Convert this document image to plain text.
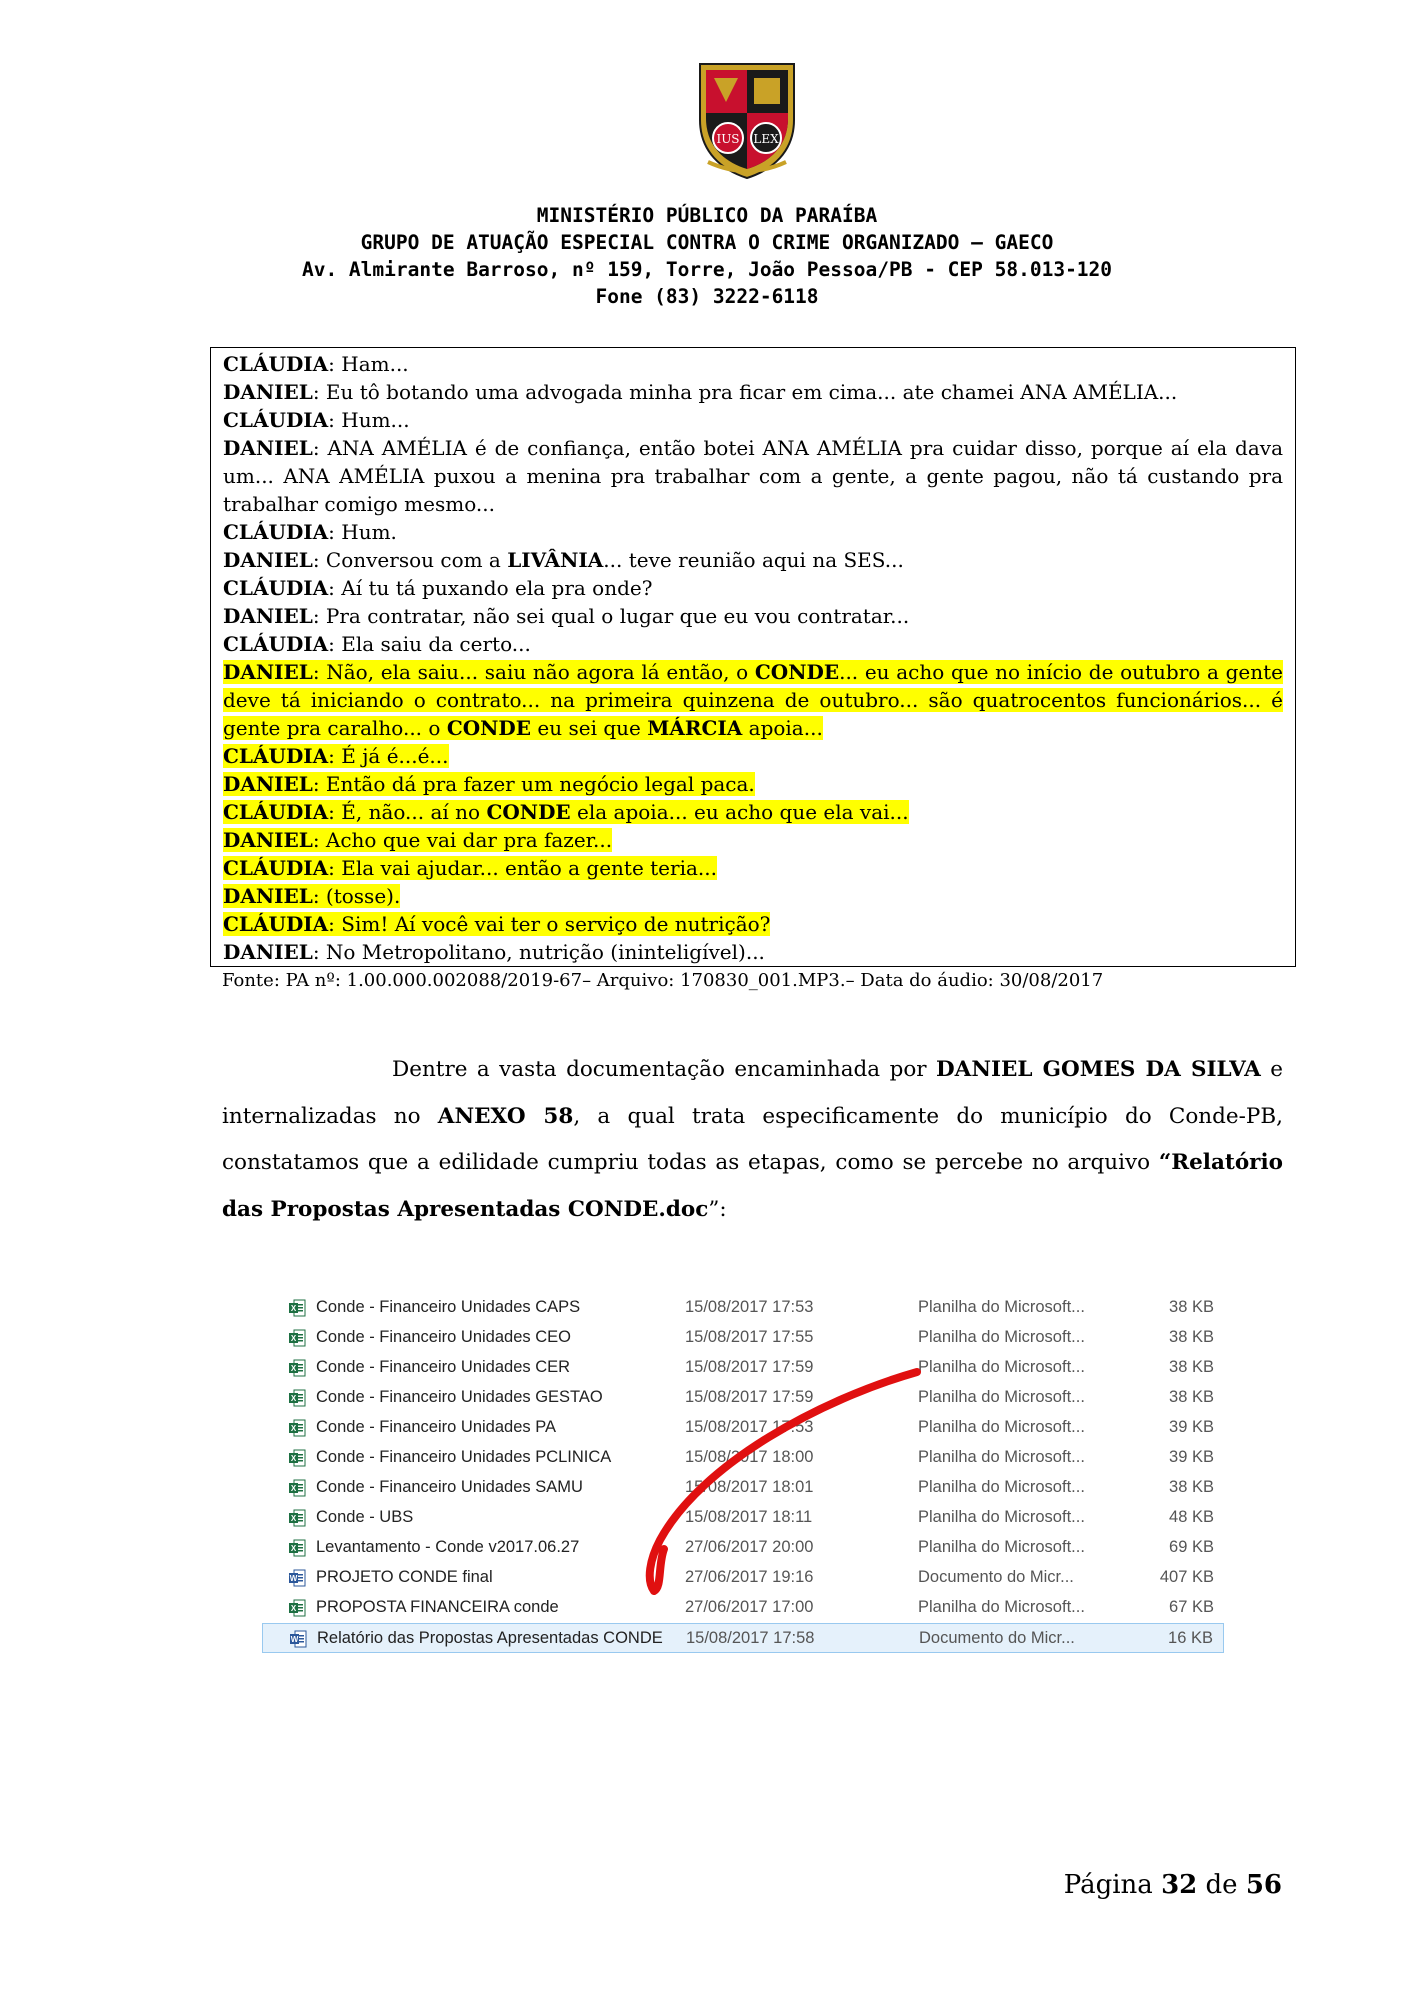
IUS LEX
MINISTÉRIO PÚBLICO DA PARAÍBA
GRUPO DE ATUAÇÃO ESPECIAL CONTRA O CRIME ORGANIZADO – GAECO
Av. Almirante Barroso, nº 159, Torre, João Pessoa/PB - CEP 58.013-120
Fone (83) 3222-6118

CLÁUDIA: Ham...

DANIEL: Eu tô botando uma advogada minha pra ficar em cima... ate chamei ANA AMÉLIA...

CLÁUDIA: Hum...

DANIEL: ANA AMÉLIA é de confiança, então botei ANA AMÉLIA pra cuidar disso, porque aí ela dava um... ANA AMÉLIA puxou a menina pra trabalhar com a gente, a gente pagou, não tá custando pra trabalhar comigo mesmo...

CLÁUDIA: Hum.

DANIEL: Conversou com a LIVÂNIA... teve reunião aqui na SES...

CLÁUDIA: Aí tu tá puxando ela pra onde?

DANIEL: Pra contratar, não sei qual o lugar que eu vou contratar...

CLÁUDIA: Ela saiu da certo...

DANIEL: Não, ela saiu... saiu não agora lá então, o CONDE... eu acho que no início de outubro a gente deve tá iniciando o contrato... na primeira quinzena de outubro... são quatrocentos funcionários... é gente pra caralho... o CONDE eu sei que MÁRCIA apoia...

CLÁUDIA: É já é...é...

DANIEL: Então dá pra fazer um negócio legal paca.

CLÁUDIA: É, não... aí no CONDE ela apoia... eu acho que ela vai...

DANIEL: Acho que vai dar pra fazer...

CLÁUDIA: Ela vai ajudar... então a gente teria...

DANIEL: (tosse).

CLÁUDIA: Sim! Aí você vai ter o serviço de nutrição?

DANIEL: No Metropolitano, nutrição (ininteligível)...

Fonte: PA nº: 1.00.000.002088/2019-67– Arquivo: 170830_001.MP3.– Data do áudio: 30/08/2017

Dentre a vasta documentação encaminhada por DANIEL GOMES DA SILVA e internalizadas no ANEXO 58, a qual trata especificamente do município do Conde-PB, constatamos que a edilidade cumpriu todas as etapas, como se percebe no arquivo “Relatório das Propostas Apresentadas CONDE.doc”:

X Conde - Financeiro Unidades CAPS	15/08/2017 17:53	Planilha do Microsoft...	38 KB
X Conde - Financeiro Unidades CEO	15/08/2017 17:55	Planilha do Microsoft...	38 KB
X Conde - Financeiro Unidades CER	15/08/2017 17:59	Planilha do Microsoft...	38 KB
X Conde - Financeiro Unidades GESTAO	15/08/2017 17:59	Planilha do Microsoft...	38 KB
X Conde - Financeiro Unidades PA	15/08/2017 17:53	Planilha do Microsoft...	39 KB
X Conde - Financeiro Unidades PCLINICA	15/08/2017 18:00	Planilha do Microsoft...	39 KB
X Conde - Financeiro Unidades SAMU	15/08/2017 18:01	Planilha do Microsoft...	38 KB
X Conde - UBS	15/08/2017 18:11	Planilha do Microsoft...	48 KB
X Levantamento - Conde v2017.06.27	27/06/2017 20:00	Planilha do Microsoft...	69 KB
W PROJETO CONDE final	27/06/2017 19:16	Documento do Micr...	407 KB
X PROPOSTA FINANCEIRA conde	27/06/2017 17:00	Planilha do Microsoft...	67 KB
W Relatório das Propostas Apresentadas CONDE 15/08/2017 17:58	Documento do Micr...	16 KB
Página 32 de 56
